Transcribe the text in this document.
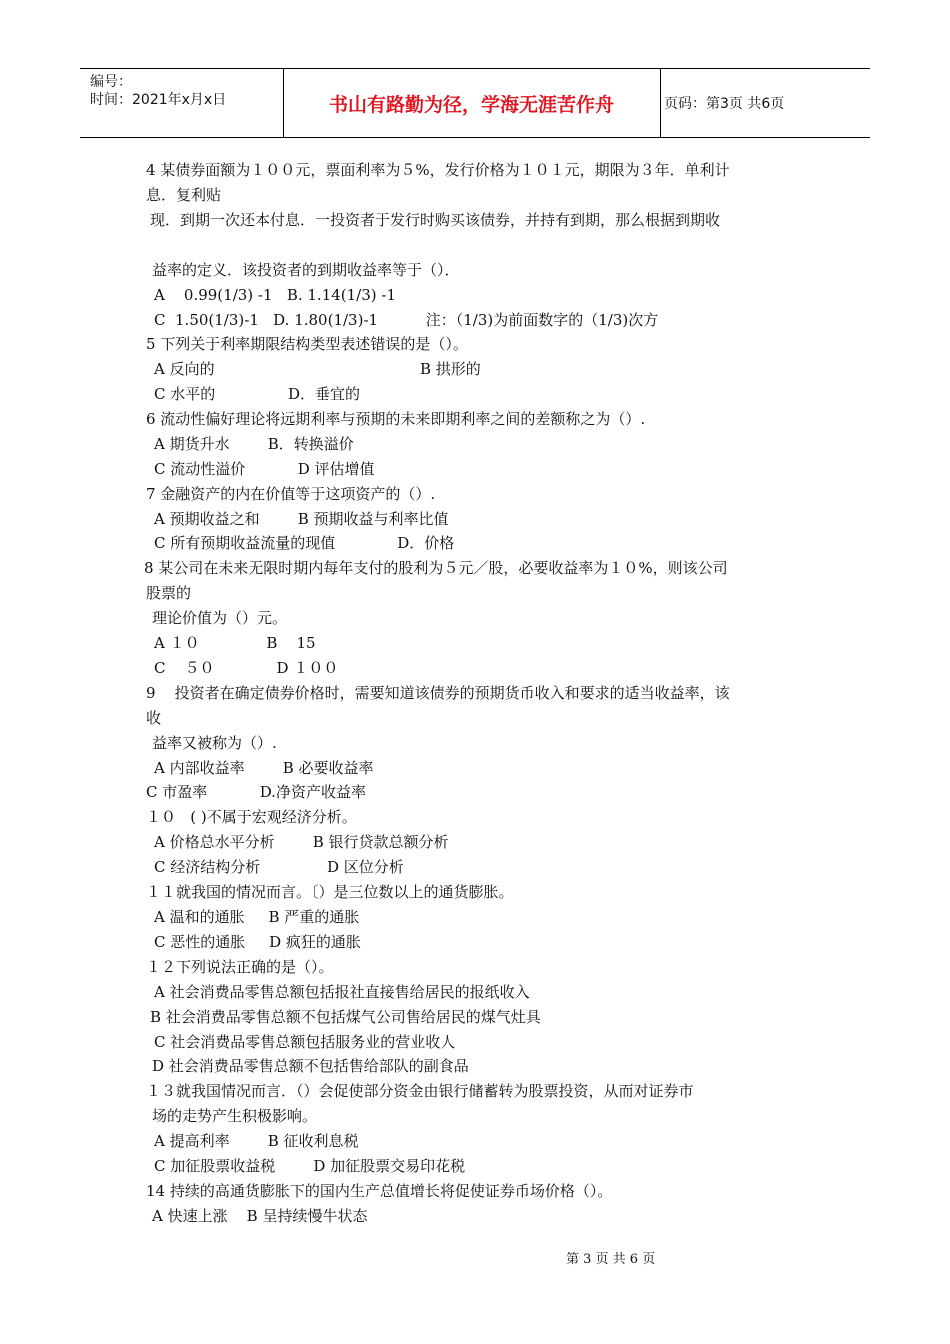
编号：
时间：2021年x月x日	书山有路勤为径，学海无涯苦作舟	页码：第3页 共6页
4 某债券面额为１００元，票面利率为５%，发行价格为１０１元，期限为３年．单利计
息．复利贴
现．到期一次还本付息．一投资者于发行时购买该债券，并持有到期，那么根据到期收
益率的定义．该投资者的到期收益率等于（）．
A    0.99(1/3) -1   B. 1.14(1/3) -1
C  1.50(1/3)-1   D. 1.80(1/3)-1          注：（1/3)为前面数字的（1/3)次方
5 下列关于利率期限结构类型表述错误的是（）。
A 反向的	B 拱形的
C 水平的	D．垂宜的
6 流动性偏好理论将远期利率与预期的未来即期利率之间的差额称之为（）.
A 期货升水        B．转换溢价
C 流动性溢价           D 评估增值
7 金融资产的内在价值等于这项资产的（）.
A 预期收益之和        B 预期收益与利率比值
C 所有预期收益流量的现值             D．价格
8 某公司在未来无限时期内每年支付的股利为５元／股，必要收益率为１０%，则该公司
股票的
理论价值为（）元。
A １０              B    15
C    ５０             D １００
9    投资者在确定债券价格时，需要知道该债券的预期货币收入和要求的适当收益率，该
收
益率又被称为（）.
A 内部收益率        B 必要收益率
C 市盈率           D.净资产收益率
１０   ( )不属于宏观经济分析。
A 价格总水平分析        B 银行贷款总额分析
C 经济结构分析              D 区位分析
１１就我国的情况而言。〔）是三位数以上的通货膨胀。
A 温和的通胀     B 严重的通胀
C 恶性的通胀     D 疯狂的通胀
１２下列说法正确的是（）。
A 社会消费品零售总额包括报社直接售给居民的报纸收入
B 社会消费品零售总额不包括煤气公司售给居民的煤气灶具
C 社会消费品零售总额包括服务业的营业收人
D 社会消费品零售总额不包括售给部队的副食品
１３就我国情况而言．（）会促使部分资金由银行储蓄转为股票投资，从而对证券市
场的走势产生积极影响。
A 提高利率        B 征收利息税
C 加征股票收益税        D 加征股票交易印花税
14 持续的高通货膨胀下的国内生产总值增长将促使证券币场价格（）。
A 快速上涨    B 呈持续慢牛状态
第 3 页 共 6 页
